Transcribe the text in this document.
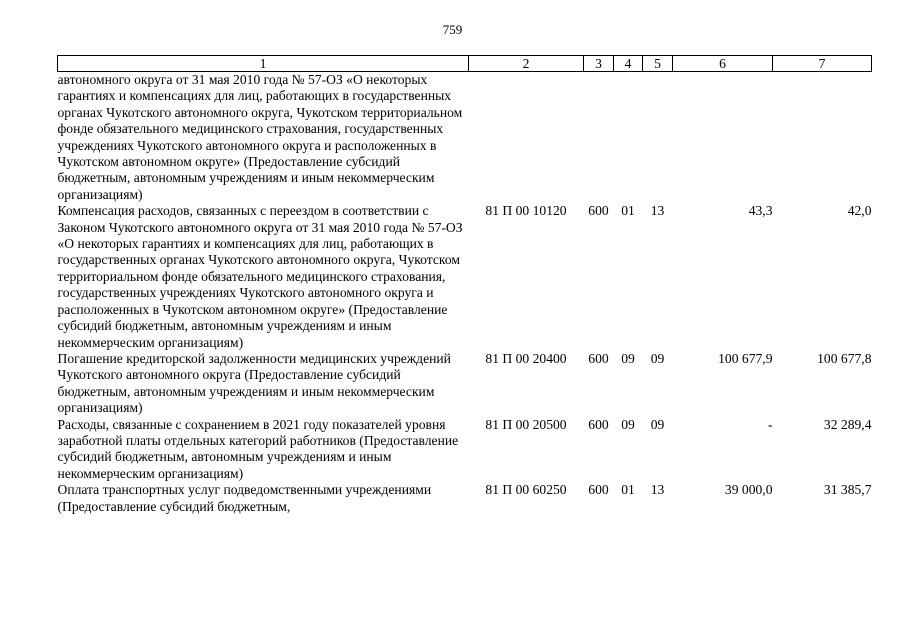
759
1	2	3	4	5	6	7
автономного округа от 31 мая 2010 года № 57-ОЗ «О некоторых гарантиях и компенсациях для лиц, работающих в государственных органах Чукотского автономного округа, Чукотском территориальном фонде обязательного медицинского страхования, государственных учреждениях Чукотского автономного округа и расположенных в Чукотском автономном округе» (Предоставление субсидий бюджетным, автономным учреждениям и иным некоммерческим организациям)						
Компенсация расходов, связанных с переездом в соответствии с Законом Чукотского автономного округа от 31 мая 2010 года № 57-ОЗ «О некоторых гарантиях и компенсациях для лиц, работающих в государственных органах Чукотского автономного округа, Чукотском территориальном фонде обязательного медицинского страхования, государственных учреждениях Чукотского автономного округа и расположенных в Чукотском автономном округе» (Предоставление субсидий бюджетным, автономным учреждениям и иным некоммерческим организациям)	81 П 00 10120	600	01	13	43,3	42,0
Погашение кредиторской задолженности медицинских учреждений Чукотского автономного округа (Предоставление субсидий бюджетным, автономным учреждениям и иным некоммерческим организациям)	81 П 00 20400	600	09	09	100 677,9	100 677,8
Расходы, связанные с сохранением в 2021 году показателей уровня заработной платы отдельных категорий работников (Предоставление субсидий бюджетным, автономным учреждениям и иным некоммерческим организациям)	81 П 00 20500	600	09	09	-	32 289,4
Оплата транспортных услуг подведомственными учреждениями (Предоставление субсидий бюджетным,	81 П 00 60250	600	01	13	39 000,0	31 385,7
